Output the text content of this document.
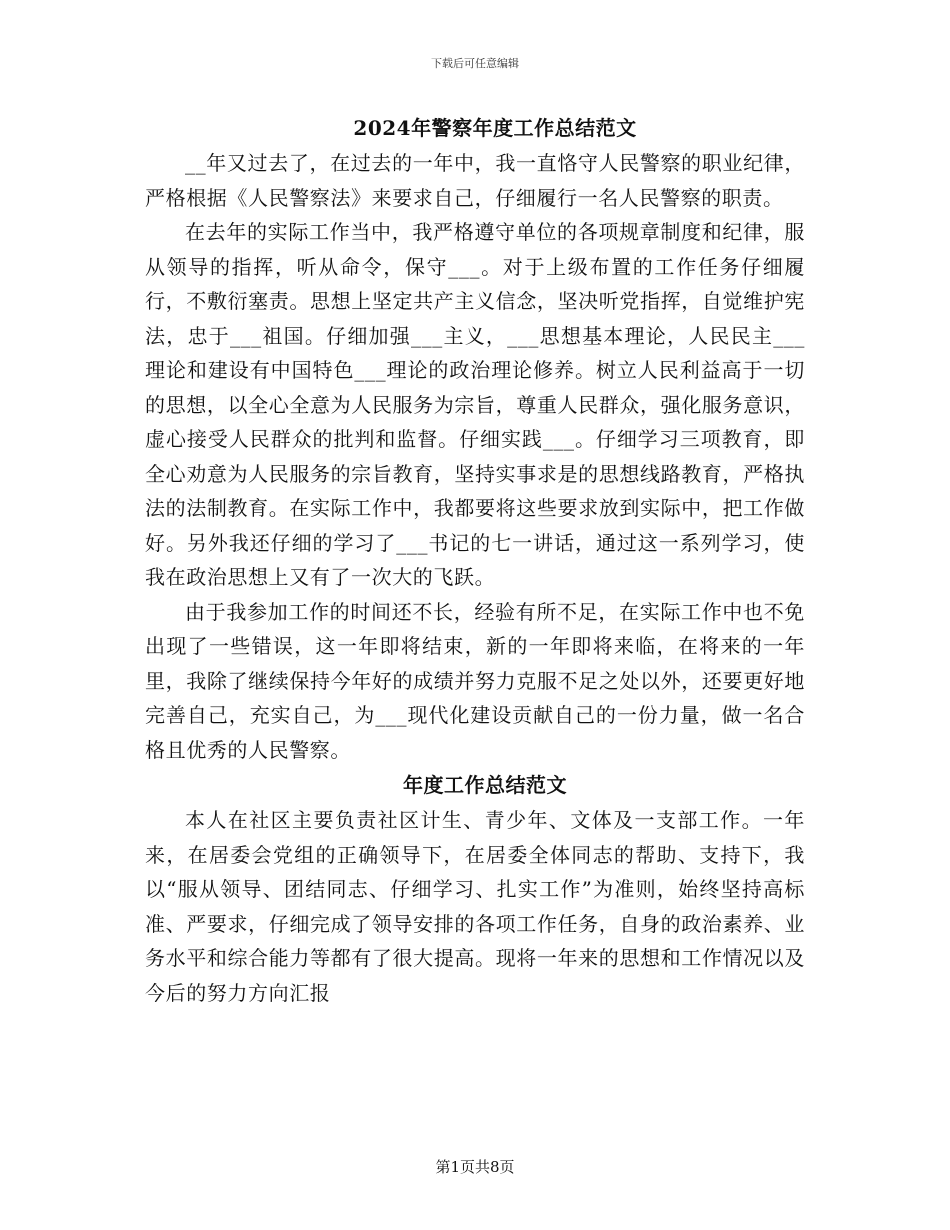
下载后可任意编辑
2024年警察年度工作总结范文

__年又过去了，在过去的一年中，我一直恪守人民警察的职业纪律，严格根据《人民警察法》来要求自己，仔细履行一名人民警察的职责。

在去年的实际工作当中，我严格遵守单位的各项规章制度和纪律，服从领导的指挥，听从命令，保守___。对于上级布置的工作任务仔细履行，不敷衍塞责。思想上坚定共产主义信念，坚决听党指挥，自觉维护宪法，忠于___祖国。仔细加强___主义，___思想基本理论，人民民主___理论和建设有中国特色___理论的政治理论修养。树立人民利益高于一切的思想，以全心全意为人民服务为宗旨，尊重人民群众，强化服务意识，虚心接受人民群众的批判和监督。仔细实践___。仔细学习三项教育，即全心劝意为人民服务的宗旨教育，坚持实事求是的思想线路教育，严格执法的法制教育。在实际工作中，我都要将这些要求放到实际中，把工作做好。另外我还仔细的学习了___书记的七一讲话，通过这一系列学习，使我在政治思想上又有了一次大的飞跃。

由于我参加工作的时间还不长，经验有所不足，在实际工作中也不免出现了一些错误，这一年即将结束，新的一年即将来临，在将来的一年里，我除了继续保持今年好的成绩并努力克服不足之处以外，还要更好地完善自己，充实自己，为___现代化建设贡献自己的一份力量，做一名合格且优秀的人民警察。

年度工作总结范文

本人在社区主要负责社区计生、青少年、文体及一支部工作。一年来，在居委会党组的正确领导下，在居委全体同志的帮助、支持下，我以“服从领导、团结同志、仔细学习、扎实工作”为准则，始终坚持高标准、严要求，仔细完成了领导安排的各项工作任务，自身的政治素养、业务水平和综合能力等都有了很大提高。现将一年来的思想和工作情况以及今后的努力方向汇报

第1页共8页
